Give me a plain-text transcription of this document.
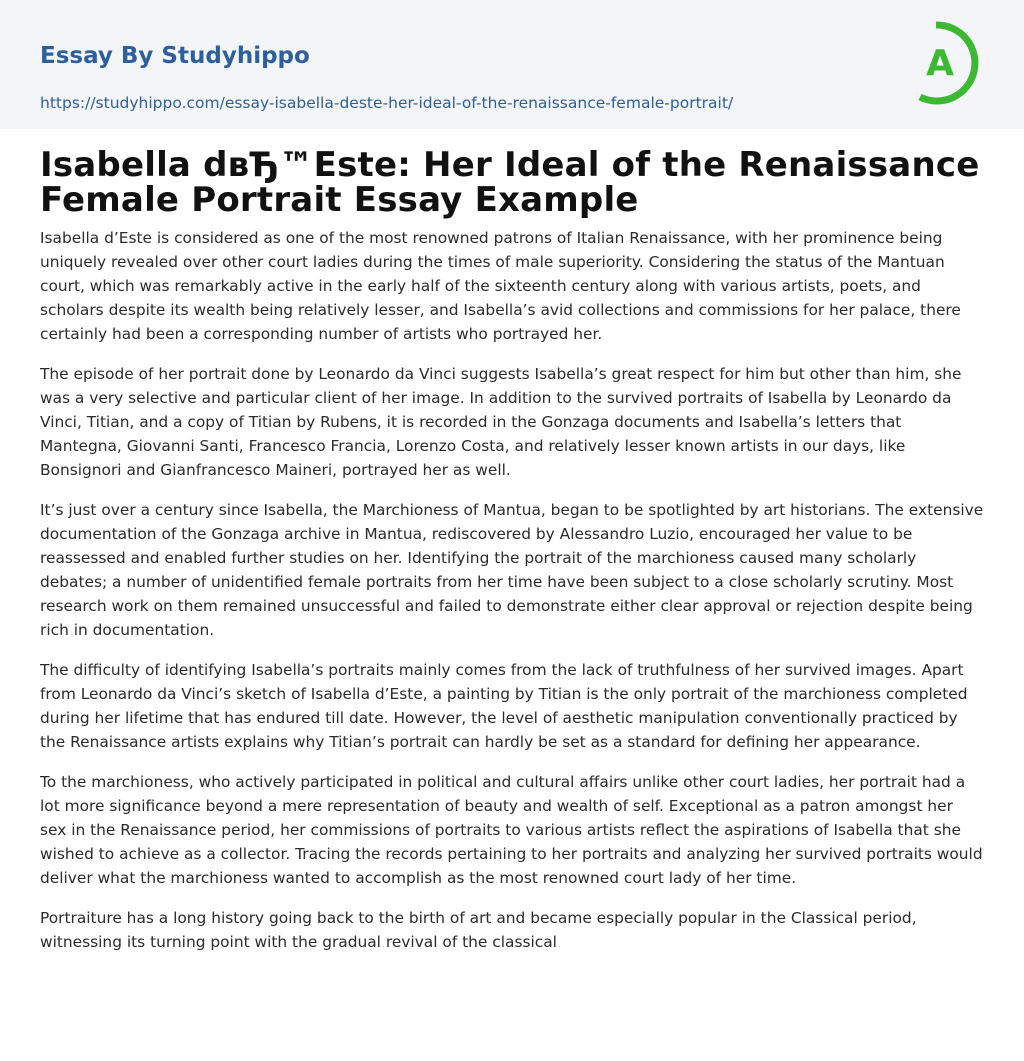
Essay By Studyhippo
https://studyhippo.com/essay-isabella-deste-her-ideal-of-the-renaissance-female-portrait/
A
Isabella dвЂ™Este: Her Ideal of the Renaissance Female Portrait Essay Example

Isabella d’Este is considered as one of the most renowned patrons of Italian Renaissance, with her prominence being uniquely revealed over other court ladies during the times of male superiority. Considering the status of the Mantuan court, which was remarkably active in the early half of the sixteenth century along with various artists, poets, and scholars despite its wealth being relatively lesser, and Isabella’s avid collections and commissions for her palace, there certainly had been a corresponding number of artists who portrayed her.

The episode of her portrait done by Leonardo da Vinci suggests Isabella’s great respect for him but other than him, she was a very selective and particular client of her image. In addition to the survived portraits of Isabella by Leonardo da Vinci, Titian, and a copy of Titian by Rubens, it is recorded in the Gonzaga documents and Isabella’s letters that Mantegna, Giovanni Santi, Francesco Francia, Lorenzo Costa, and relatively lesser known artists in our days, like Bonsignori and Gianfrancesco Maineri, portrayed her as well.

It’s just over a century since Isabella, the Marchioness of Mantua, began to be spotlighted by art historians. The extensive documentation of the Gonzaga archive in Mantua, rediscovered by Alessandro Luzio, encouraged her value to be reassessed and enabled further studies on her. Identifying the portrait of the marchioness caused many scholarly debates; a number of unidentified female portraits from her time have been subject to a close scholarly scrutiny. Most research work on them remained unsuccessful and failed to demonstrate either clear approval or rejection despite being rich in documentation.

The difficulty of identifying Isabella’s portraits mainly comes from the lack of truthfulness of her survived images. Apart from Leonardo da Vinci’s sketch of Isabella d’Este, a painting by Titian is the only portrait of the marchioness completed during her lifetime that has endured till date. However, the level of aesthetic manipulation conventionally practiced by the Renaissance artists explains why Titian’s portrait can hardly be set as a standard for defining her appearance.

To the marchioness, who actively participated in political and cultural affairs unlike other court ladies, her portrait had a lot more significance beyond a mere representation of beauty and wealth of self. Exceptional as a patron amongst her sex in the Renaissance period, her commissions of portraits to various artists reflect the aspirations of Isabella that she wished to achieve as a collector. Tracing the records pertaining to her portraits and analyzing her survived portraits would deliver what the marchioness wanted to accomplish as the most renowned court lady of her time.

Portraiture has a long history going back to the birth of art and became especially popular in the Classical period, witnessing its turning point with the gradual revival of the classical
